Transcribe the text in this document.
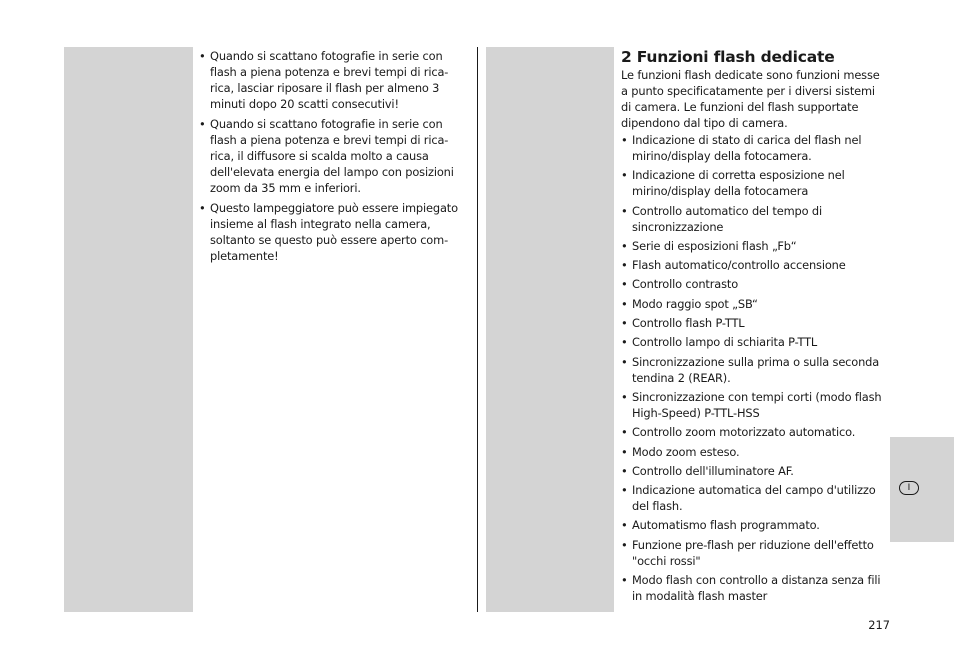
• Quando si scattano fotografie in serie con flash a piena potenza e brevi tempi di ricarica, lasciar riposare il flash per almeno 3 minuti dopo 20 scatti consecutivi!
• Quando si scattano fotografie in serie con flash a piena potenza e brevi tempi di ricarica, il diffusore si scalda molto a causa dell'elevata energia del lampo con posizioni zoom da 35 mm e inferiori.
• Questo lampeggiatore può essere impiegato insieme al flash integrato nella camera, soltanto se questo può essere aperto completamente!
2 Funzioni flash dedicate

Le funzioni flash dedicate sono funzioni messe a punto specificatamente per i diversi sistemi di camera. Le funzioni del flash supportate dipendono dal tipo di camera.

• Indicazione di stato di carica del flash nel mirino/display della fotocamera.
• Indicazione di corretta esposizione nel mirino/display della fotocamera
• Controllo automatico del tempo di sincronizzazione
• Serie di esposizioni flash „Fb“
• Flash automatico/controllo accensione
• Controllo contrasto
• Modo raggio spot „SB“
• Controllo flash P-TTL
• Controllo lampo di schiarita P-TTL
• Sincronizzazione sulla prima o sulla seconda tendina 2 (REAR).
• Sincronizzazione con tempi corti (modo flash High-Speed) P-TTL-HSS
• Controllo zoom motorizzato automatico.
• Modo zoom esteso.
• Controllo dell'illuminatore AF.
• Indicazione automatica del campo d'utilizzo del flash.
• Automatismo flash programmato.
• Funzione pre-flash per riduzione dell'effetto "occhi rossi"
• Modo flash con controllo a distanza senza fili in modalità flash master
I
217
